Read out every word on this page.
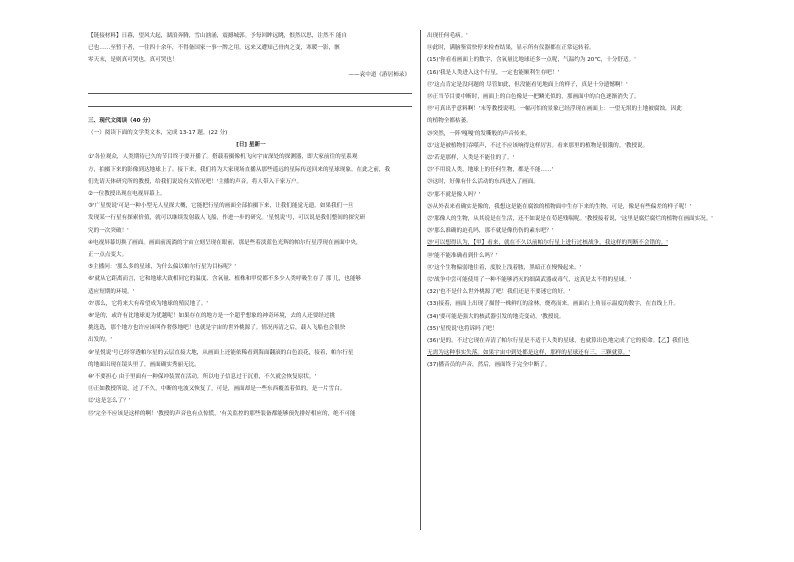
【链接材料】日暮，望风大起，湖浪奔腾，雪山汹涌，震撼城郭。予每回眸远眺，恨然以思，注然不 能自

已也……至暂于者，一往四十余年，不得备国家一事一牌之用。远来又遭知己骨肉之变，寒暖一影，骸

零天末，是则真可哭也，真可哭也！

——袁中道《游居杮录》

三、现代文阅读（40 分）

（一）阅读下面的文学类文本，完成 13-17 题。(22 分)

[日] 星新一

①'各位观众，人类期待已久的节目终于要开播了。搭载着摄像机飞向宇宙深处的探测器，即大家前往的星系观

方，拍摄下来的影像到达地球上了。接下来，我们将为大家现场直播从那些遥远的星际传送回来的星球现象。在此之前，我

们先请天体研究所的教授，给我们说说有关情况吧！'主播的声音，将人带入千家万户。

②一位教授出现在电视屏幕上。

③'广星悦说'可是一种小型无人星探大概，它能把行星的画面全部拍摄下来，让我们能觉无遗。如果我们一旦

发现某一行星有探索价值，就可以继续发射载人飞船，作进一步的研究。'星悦说'号，可以说是我们整间的探究研

究的一次突破！'

④电视屏幕切换了画面。画面前流淌的宇宙立刻呈现在眼前，那是些着淡蓝色光辉的帕尔行星浮现在画面中央，

正一点点变大。

⑤主播问：'那么多的星球，为什么偏以帕尔行星为目标呢？'

⑥'就从它距离而言，它和地球大致相同它的温度、含氧量、植株和甲烷都不多少人类呼吸生存了 那 儿，也能够

适应短期的环境。'

⑦'那么，它将来大有希望成为地球的殖民地了。'

⑧'是的，或许有比地球更为优越呢！如果存在的地方是一个超乎想象的神奇环境，去的人还要经过挑

挑选选，那个地方也许应该叫作奢侈地吧！也就是宇宙的世外桃源了。情况再清之后，载人飞船也会很快

出发的。'

⑨'星悦说'号已经穿透帕尔星的云层直接大地，从画面上还能依稀看到海面翻滚的白色浪花，接着，帕尔行星

的地面出现在镜头里了，画面确实秀丽无比。

⑩'不要担心 由于里面有一种保冲装置在活动，所以电子信息过于沉重，不久就会恢复原状。'

⑪正如教授所说，过了不久，中断的电波又恢复了。可是，画面却是一些东西覆盖着似的，是一片雪白。

⑫'这是怎么了？'

⑬'完全不应该是这样的啊！'教授的声音也有点惊慌，'有关监控的那些装备都能够预先排好相应的，绝不可能

出现任何毛病。'

⑭此时，满脑鉴赏快停来检查结果，显示所有仪器都在正常运转着。

(15)'你看看画面上的数字，含氧量比地球还多一点呢，气温约为 20℃，十分舒适。'

(16)'我是人类进入这个行星，一定也能顺利生存吧！'

⑰'这点肯定是没问题的 尽管如此，但没能看见地面上的样子，真是十分遗憾啊！'

⑱正当节目要中断时，画面上的白色像是一把鳞光似的，那画面中的白色逐渐消失了。

⑲'可真出乎意料啊！'末等教授说明，一幅可怕的景象已经浮现在画面上：一望无垠的土地被腐蚀，因此

的植物全都枯萎。

⑳突然，一阵'嘎嘎'的发嘶般的声音传来。

㉑'这是被植物们吞噬声，不过不应该响得这样厉害。看来那里的植物是很饿的。'教授说。

㉒'若是那样，人类是不能住的了。'

㉓'不用说人类，地球上的任何生物，都是不能……'

㉔这时，好像有什么活动的东西进入了画面。

㉕'那不就是像人吗？'

㉖从外表来看确实是像的，我想这是能在腐蚀的植物面中生存下来的生物。可是，像是有些偏差的样子呢！'

㉗'那像人的生物，从其说是在生活，还不如说是在苟延残喘呢。'教授接着说，'这里是腐烂腐烂的植物在画面实况。'

㉘'那么准确的迫孔吗，那不就是像伤伤的素东吧？'

㉙'可以想得认为，【甲】看来，就在不久以前帕尔行星上进行过核战争，我这样的判断不会错的。'

㉚'能不能准确看到什么吗？'

㉛'这个生物偏弱地往着，度胶上浅着脓，黑暗正在慢慢起来。'

㉜'战争中尝可能使用了一种不能够消灭的细菌武器或毒气，这真是太不得的星球。'

(32)'也不是什么世外桃源了吧！我们还是不要迷它的好。'

(33)接着，画面上出现了描替一株鲜红的涂林，烧鸡而来。画面右上角显示温度的数字，在直线上升。

(34)'要可能是强大的核武器引发的地壳变动。'教授说。

(35)'星悦说'也将诉吗了吧！

(36)'是的。不过它现在弄清了帕尔行星是不适于人类的星球，也就算出色地完成了它的使命。【乙】我们也

无需为这种事实失落。如果宇宙中到处都是这样，那样的星球还有三、三颗就算。'

(37)播音员的声音，然后，画面终于完全中断了。
